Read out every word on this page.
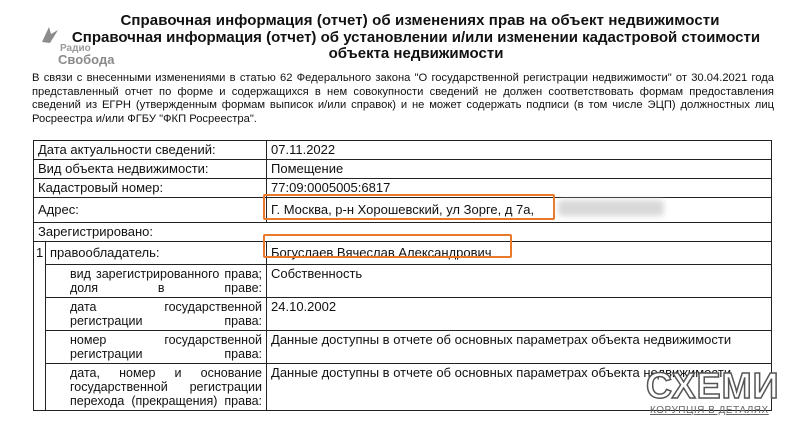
Радио
Свобода
Справочная информация (отчет) об изменениях прав на объект недвижимости
Справочная информация (отчет) об установлении и/или изменении кадастровой стоимости объекта недвижимости
В связи с внесенными изменениями в статью 62 Федерального закона "О государственной регистрации недвижимости" от 30.04.2021 года представленный отчет по форме и содержащихся в нем совокупности сведений не должен соответствовать формам предоставления сведений из ЕГРН (утвержденным формам выписок и/или справок) и не может содержать подписи (в том числе ЭЦП) должностных лиц Росреестра и/или ФГБУ "ФКП Росреестра".
Дата актуальности сведений:		07.11.2022
Вид объекта недвижимости:		Помещение
Кадастровый номер:		77:09:0005005:6817
Адрес:		Г. Москва, р-н Хорошевский, ул Зорге, д 7а,
Зарегистрировано:		
1	правообладатель:	Богуслаев Вячеслав Александрович
	вид зарегистрированного права; доля в праве:	Собственность
	дата государственной регистрации права:	24.10.2002
	номер государственной регистрации права:	Данные доступны в отчете об основных параметрах объекта недвижимости
	дата, номер и основание государственной регистрации перехода (прекращения) права:	Данные доступны в отчете об основных параметрах объекта недвижимости
СХЕМИ
КОРУПЦІЯ В ДЕТАЛЯХ
